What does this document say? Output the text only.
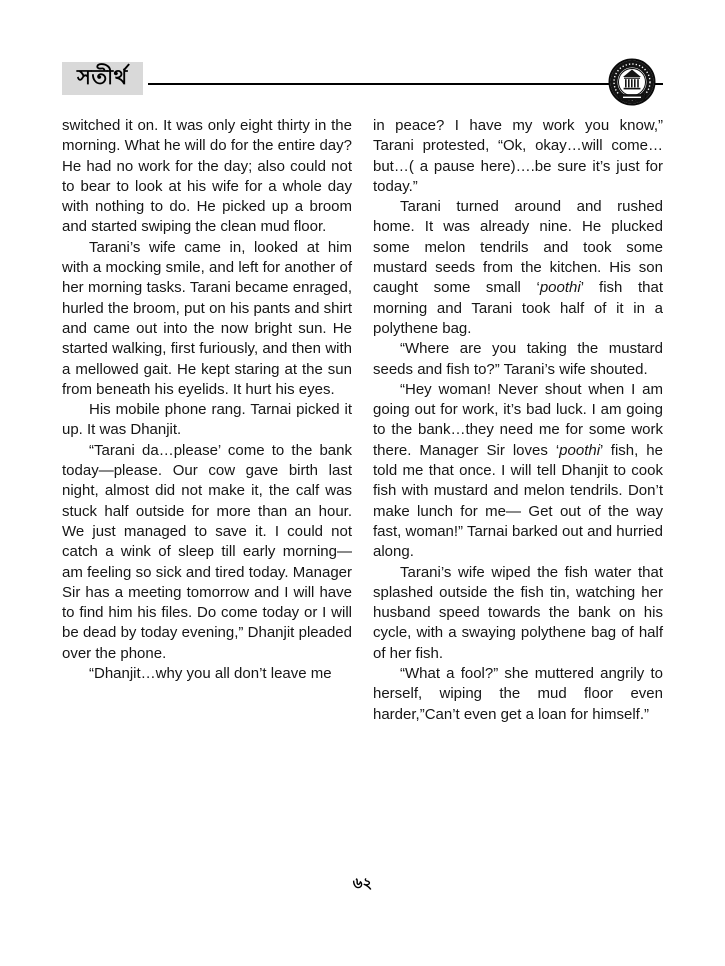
সতীর্থ

switched it on. It was only eight thirty in the morning. What he will do for the entire day? He had no work for the day; also could not to bear to look at his wife for a whole day with nothing to do. He picked up a broom and started swiping the clean mud floor.

Tarani’s wife came in, looked at him with a mocking smile, and left for another of her morning tasks. Tarani became enraged, hurled the broom, put on his pants and shirt and came out into the now bright sun. He started walking, first furiously, and then with a mellowed gait. He kept staring at the sun from beneath his eyelids. It hurt his eyes.

His mobile phone rang. Tarnai picked it up. It was Dhanjit.

“Tarani da…please’ come to the bank today—please. Our cow gave birth last night, almost did not make it, the calf was stuck half outside for more than an hour. We just managed to save it. I could not catch a wink of sleep till early morning— am feeling so sick and tired today. Manager Sir has a meeting tomorrow and I will have to find him his files. Do come today or I will be dead by today evening,” Dhanjit pleaded over the phone.

“Dhanjit…why you all don’t leave me

in peace? I have my work you know,” Tarani protested, “Ok, okay…will come…but…( a pause here)….be sure it’s just for today.”

Tarani turned around and rushed home. It was already nine. He plucked some melon tendrils and took some mustard seeds from the kitchen. His son caught some small ‘poothi’ fish that morning and Tarani took half of it in a polythene bag.

“Where are you taking the mustard seeds and fish to?” Tarani’s wife shouted.

“Hey woman! Never shout when I am going out for work, it’s bad luck. I am going to the bank…they need me for some work there. Manager Sir loves ‘poothi’ fish, he told me that once. I will tell Dhanjit to cook fish with mustard and melon tendrils. Don’t make lunch for me— Get out of the way fast, woman!” Tarnai barked out and hurried along.

Tarani’s wife wiped the fish water that splashed outside the fish tin, watching her husband speed towards the bank on his cycle, with a swaying polythene bag of half of her fish.

“What a fool?” she muttered angrily to herself, wiping the mud floor even harder,”Can’t even get a loan for himself.”

৬২
